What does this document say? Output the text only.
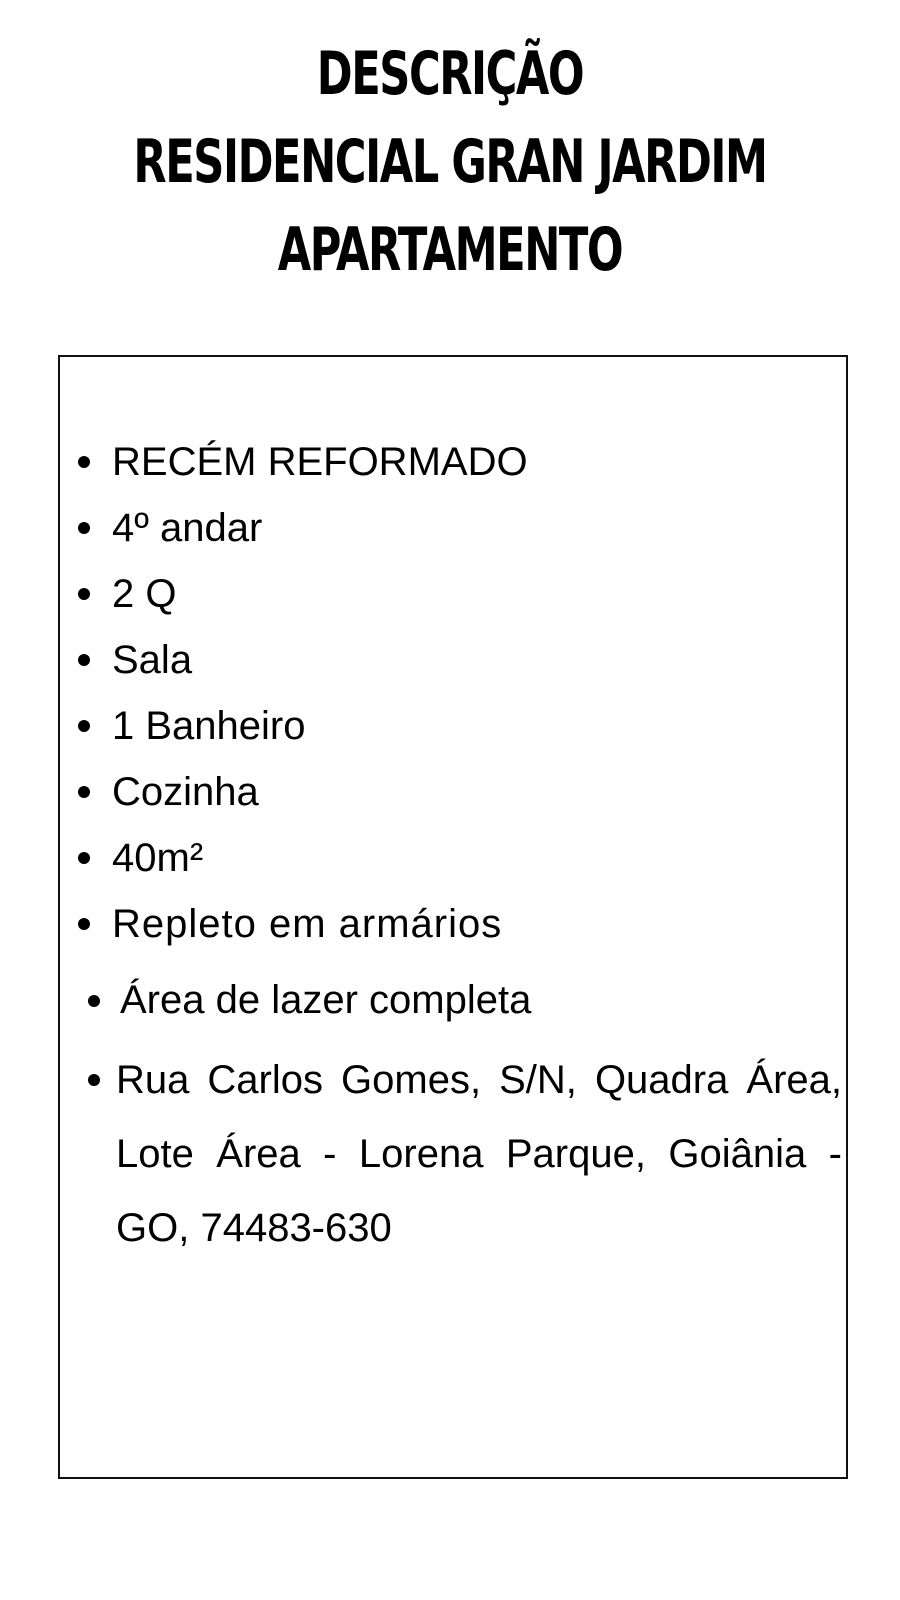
DESCRIÇÃO
RESIDENCIAL GRAN JARDIM
APARTAMENTO
RECÉM REFORMADO
4º andar
2 Q
Sala
1 Banheiro
Cozinha
40m²
Repleto em armários
Área de lazer completa
Rua Carlos Gomes, S/N, Quadra Área, Lote Área - Lorena Parque, Goiânia - GO, 74483-630
